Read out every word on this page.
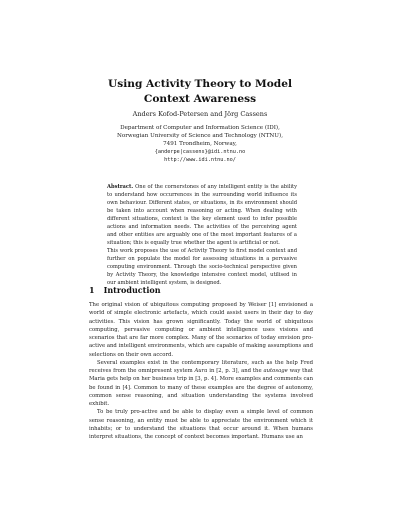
Using Activity Theory to Model
Context Awareness
Anders Kofod-Petersen and Jörg Cassens
Department of Computer and Information Science (IDI),
Norwegian University of Science and Technology (NTNU),
7491 Trondheim, Norway,
{anderpe|cassens}@idi.ntnu.no
http://www.idi.ntnu.no/

Abstract. One of the cornerstones of any intelligent entity is the ability to understand how occurrences in the surrounding world influence its own behaviour. Different states, or situations, in its environment should be taken into account when reasoning or acting. When dealing with different situations, context is the key element used to infer possible actions and information needs. The activities of the perceiving agent and other entities are arguably one of the most important features of a situation; this is equally true whether the agent is artificial or not.

This work proposes the use of Activity Theory to first model context and further on populate the model for assessing situations in a pervasive computing environment. Through the socio-technical perspective given by Activity Theory, the knowledge intensive context model, utilised in our ambient intelligent system, is designed.

1 Introduction

The original vision of ubiquitous computing proposed by Weiser [1] envisioned a world of simple electronic artefacts, which could assist users in their day to day activities. This vision has grown significantly. Today the world of ubiquitous computing, pervasive computing or ambient intelligence uses visions and scenarios that are far more complex. Many of the scenarios of today envision pro-active and intelligent environments, which are capable of making assumptions and selections on their own accord.

Several examples exist in the contemporary literature, such as the help Fred receives from the omnipresent system Aura in [2, p. 3], and the autosage way that Maria gets help on her business trip in [3, p. 4]. More examples and comments can be found in [4]. Common to many of these examples are the degree of autonomy, common sense reasoning, and situation understanding the systems involved exhibit.

To be truly pro-active and be able to display even a simple level of common sense reasoning, an entity must be able to appreciate the environment which it inhabits; or to understand the situations that occur around it. When humans interpret situations, the concept of context becomes important. Humans use an
